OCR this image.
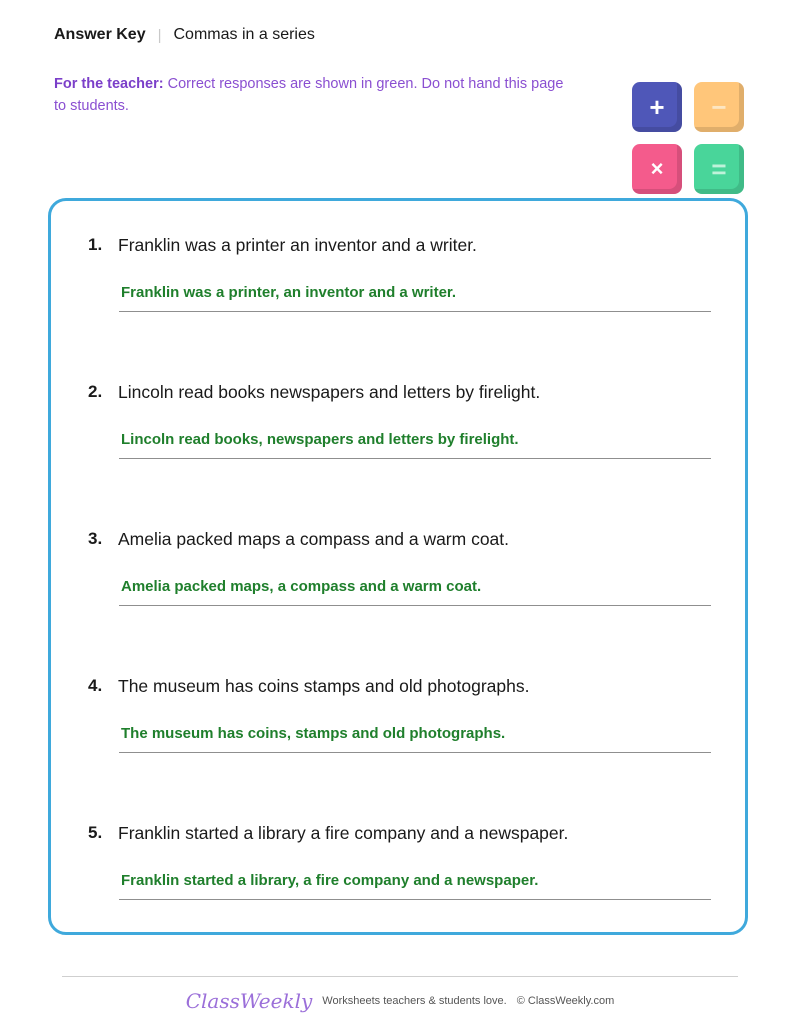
Answer Key | Commas in a series
For the teacher: Correct responses are shown in green. Do not hand this page to students.	+	−
×	=
1. Franklin was a printer an inventor and a writer.
Franklin was a printer, an inventor and a writer.
2. Lincoln read books newspapers and letters by firelight.
Lincoln read books, newspapers and letters by firelight.
3. Amelia packed maps a compass and a warm coat.
Amelia packed maps, a compass and a warm coat.
4. The museum has coins stamps and old photographs.
The museum has coins, stamps and old photographs.
5. Franklin started a library a fire company and a newspaper.
Franklin started a library, a fire company and a newspaper.
ClassWeekly Worksheets teachers & students love. © ClassWeekly.com
